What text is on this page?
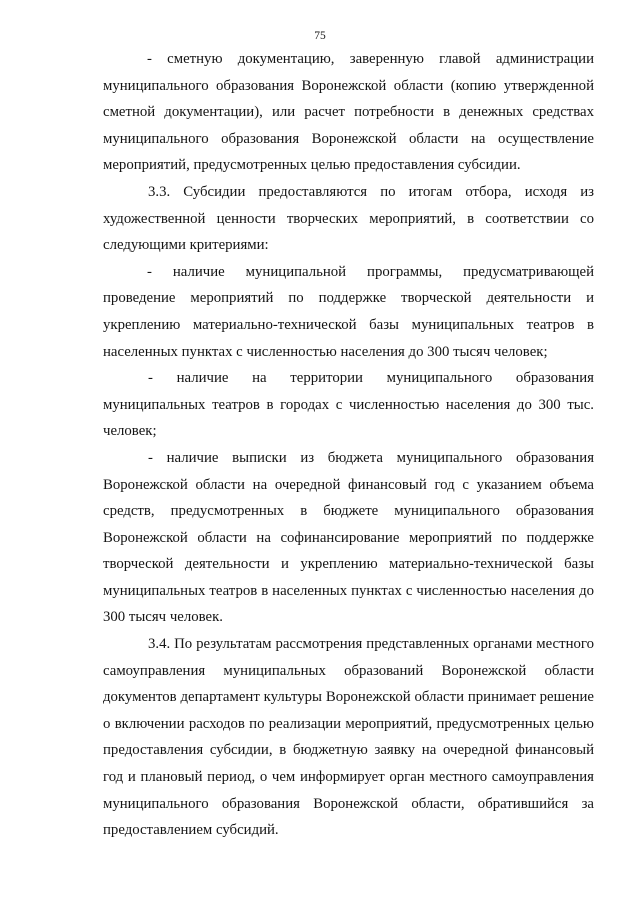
75

- сметную документацию, заверенную главой администрации муниципального образования Воронежской области (копию утвержденной сметной документации), или расчет потребности в денежных средствах муниципального образования Воронежской области на осуществление мероприятий, предусмотренных целью предоставления субсидии.

3.3. Субсидии предоставляются по итогам отбора, исходя из художественной ценности творческих мероприятий, в соответствии со следующими критериями:

- наличие муниципальной программы, предусматривающей проведение мероприятий по поддержке творческой деятельности и укреплению материально-технической базы муниципальных театров в населенных пунктах с численностью населения до 300 тысяч человек;

- наличие на территории муниципального образования муниципальных театров в городах с численностью населения до 300 тыс. человек;

- наличие выписки из бюджета муниципального образования Воронежской области на очередной финансовый год с указанием объема средств, предусмотренных в бюджете муниципального образования Воронежской области на софинансирование мероприятий по поддержке творческой деятельности и укреплению материально-технической базы муниципальных театров в населенных пунктах с численностью населения до 300 тысяч человек.

3.4. По результатам рассмотрения представленных органами местного самоуправления муниципальных образований Воронежской области документов департамент культуры Воронежской области принимает решение о включении расходов по реализации мероприятий, предусмотренных целью предоставления субсидии, в бюджетную заявку на очередной финансовый год и плановый период, о чем информирует орган местного самоуправления муниципального образования Воронежской области, обратившийся за предоставлением субсидий.
